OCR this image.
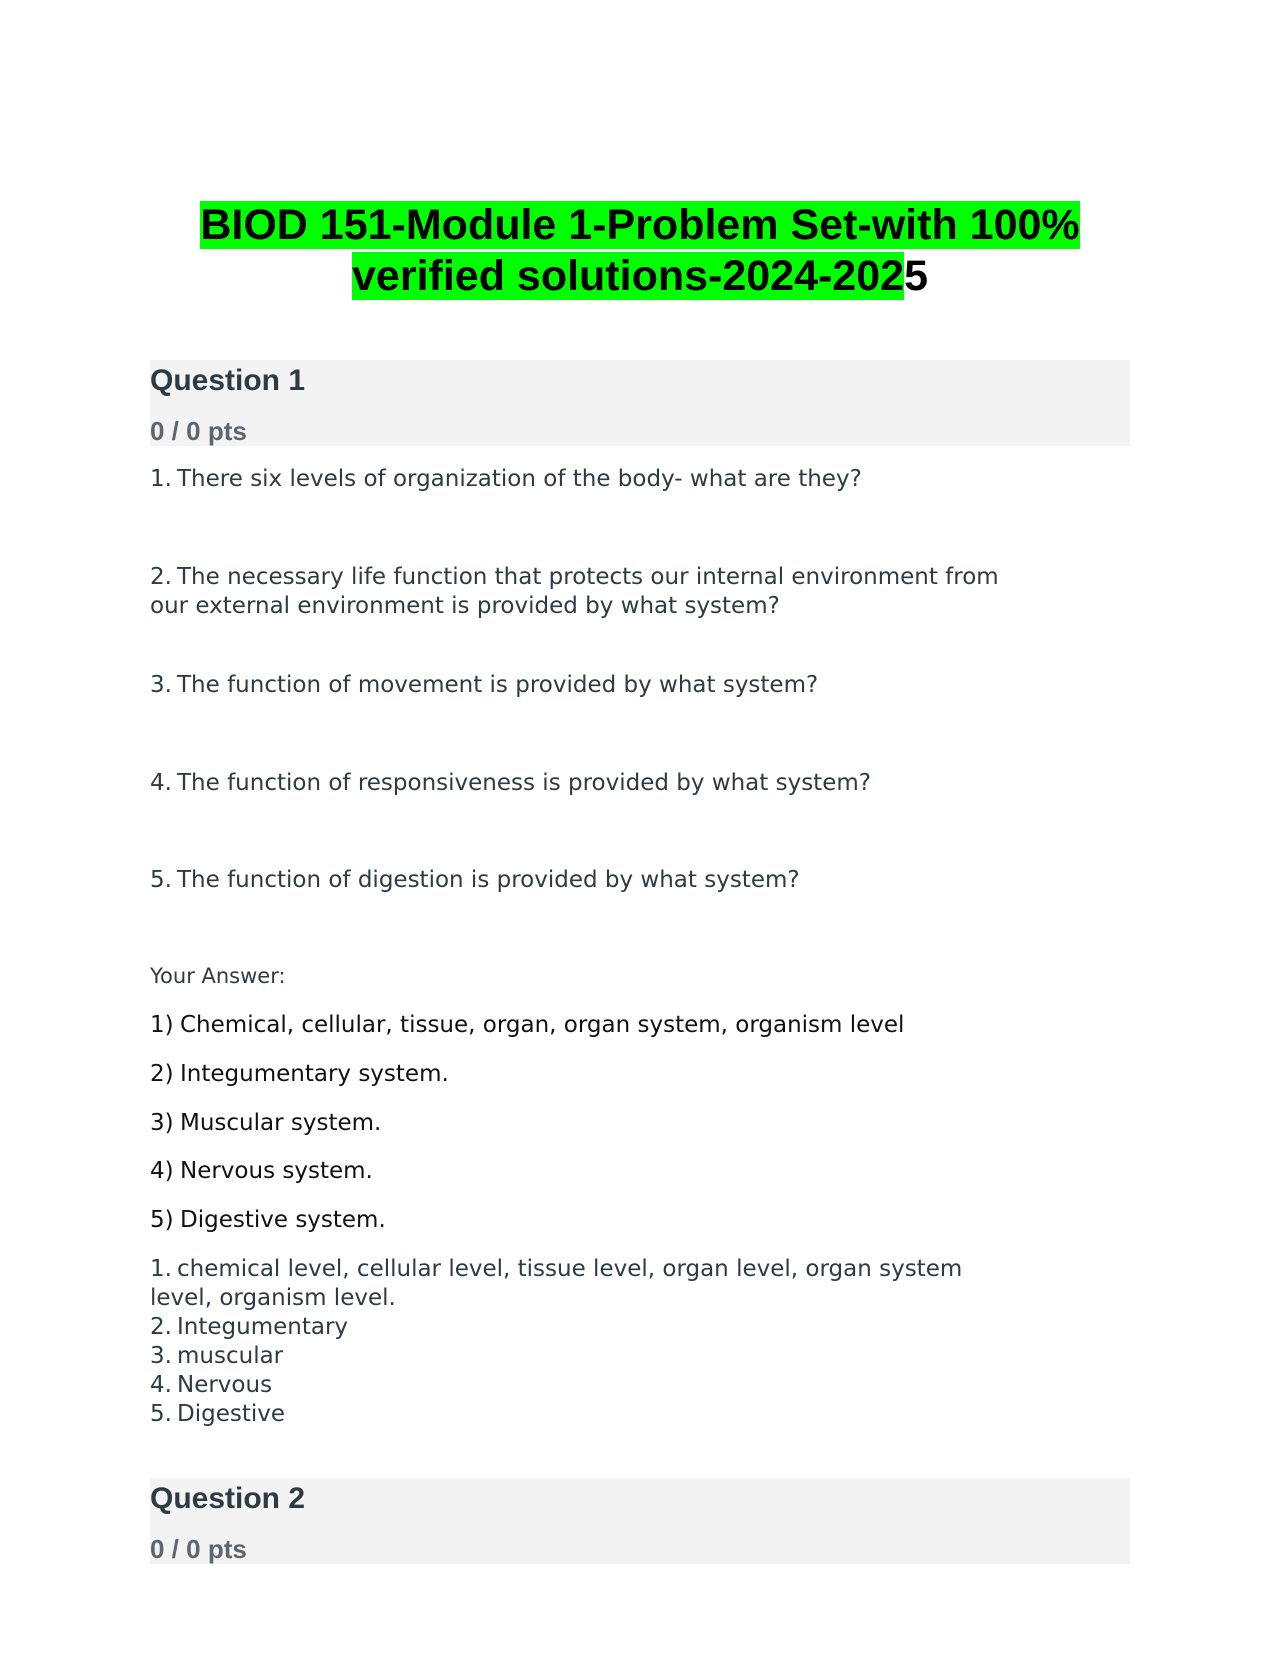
BIOD 151-Module 1-Problem Set-with 100%
verified solutions-2024-2025
Question 1
0 / 0 pts
1. There six levels of organization of the body- what are they?
2. The necessary life function that protects our internal environment from
our external environment is provided by what system?
3. The function of movement is provided by what system?
4. The function of responsiveness is provided by what system?
5. The function of digestion is provided by what system?
Your Answer:
1) Chemical, cellular, tissue, organ, organ system, organism level
2) Integumentary system.
3) Muscular system.
4) Nervous system.
5) Digestive system.
1. chemical level, cellular level, tissue level, organ level, organ system
level, organism level.
2. Integumentary
3. muscular
4. Nervous
5. Digestive
Question 2
0 / 0 pts
